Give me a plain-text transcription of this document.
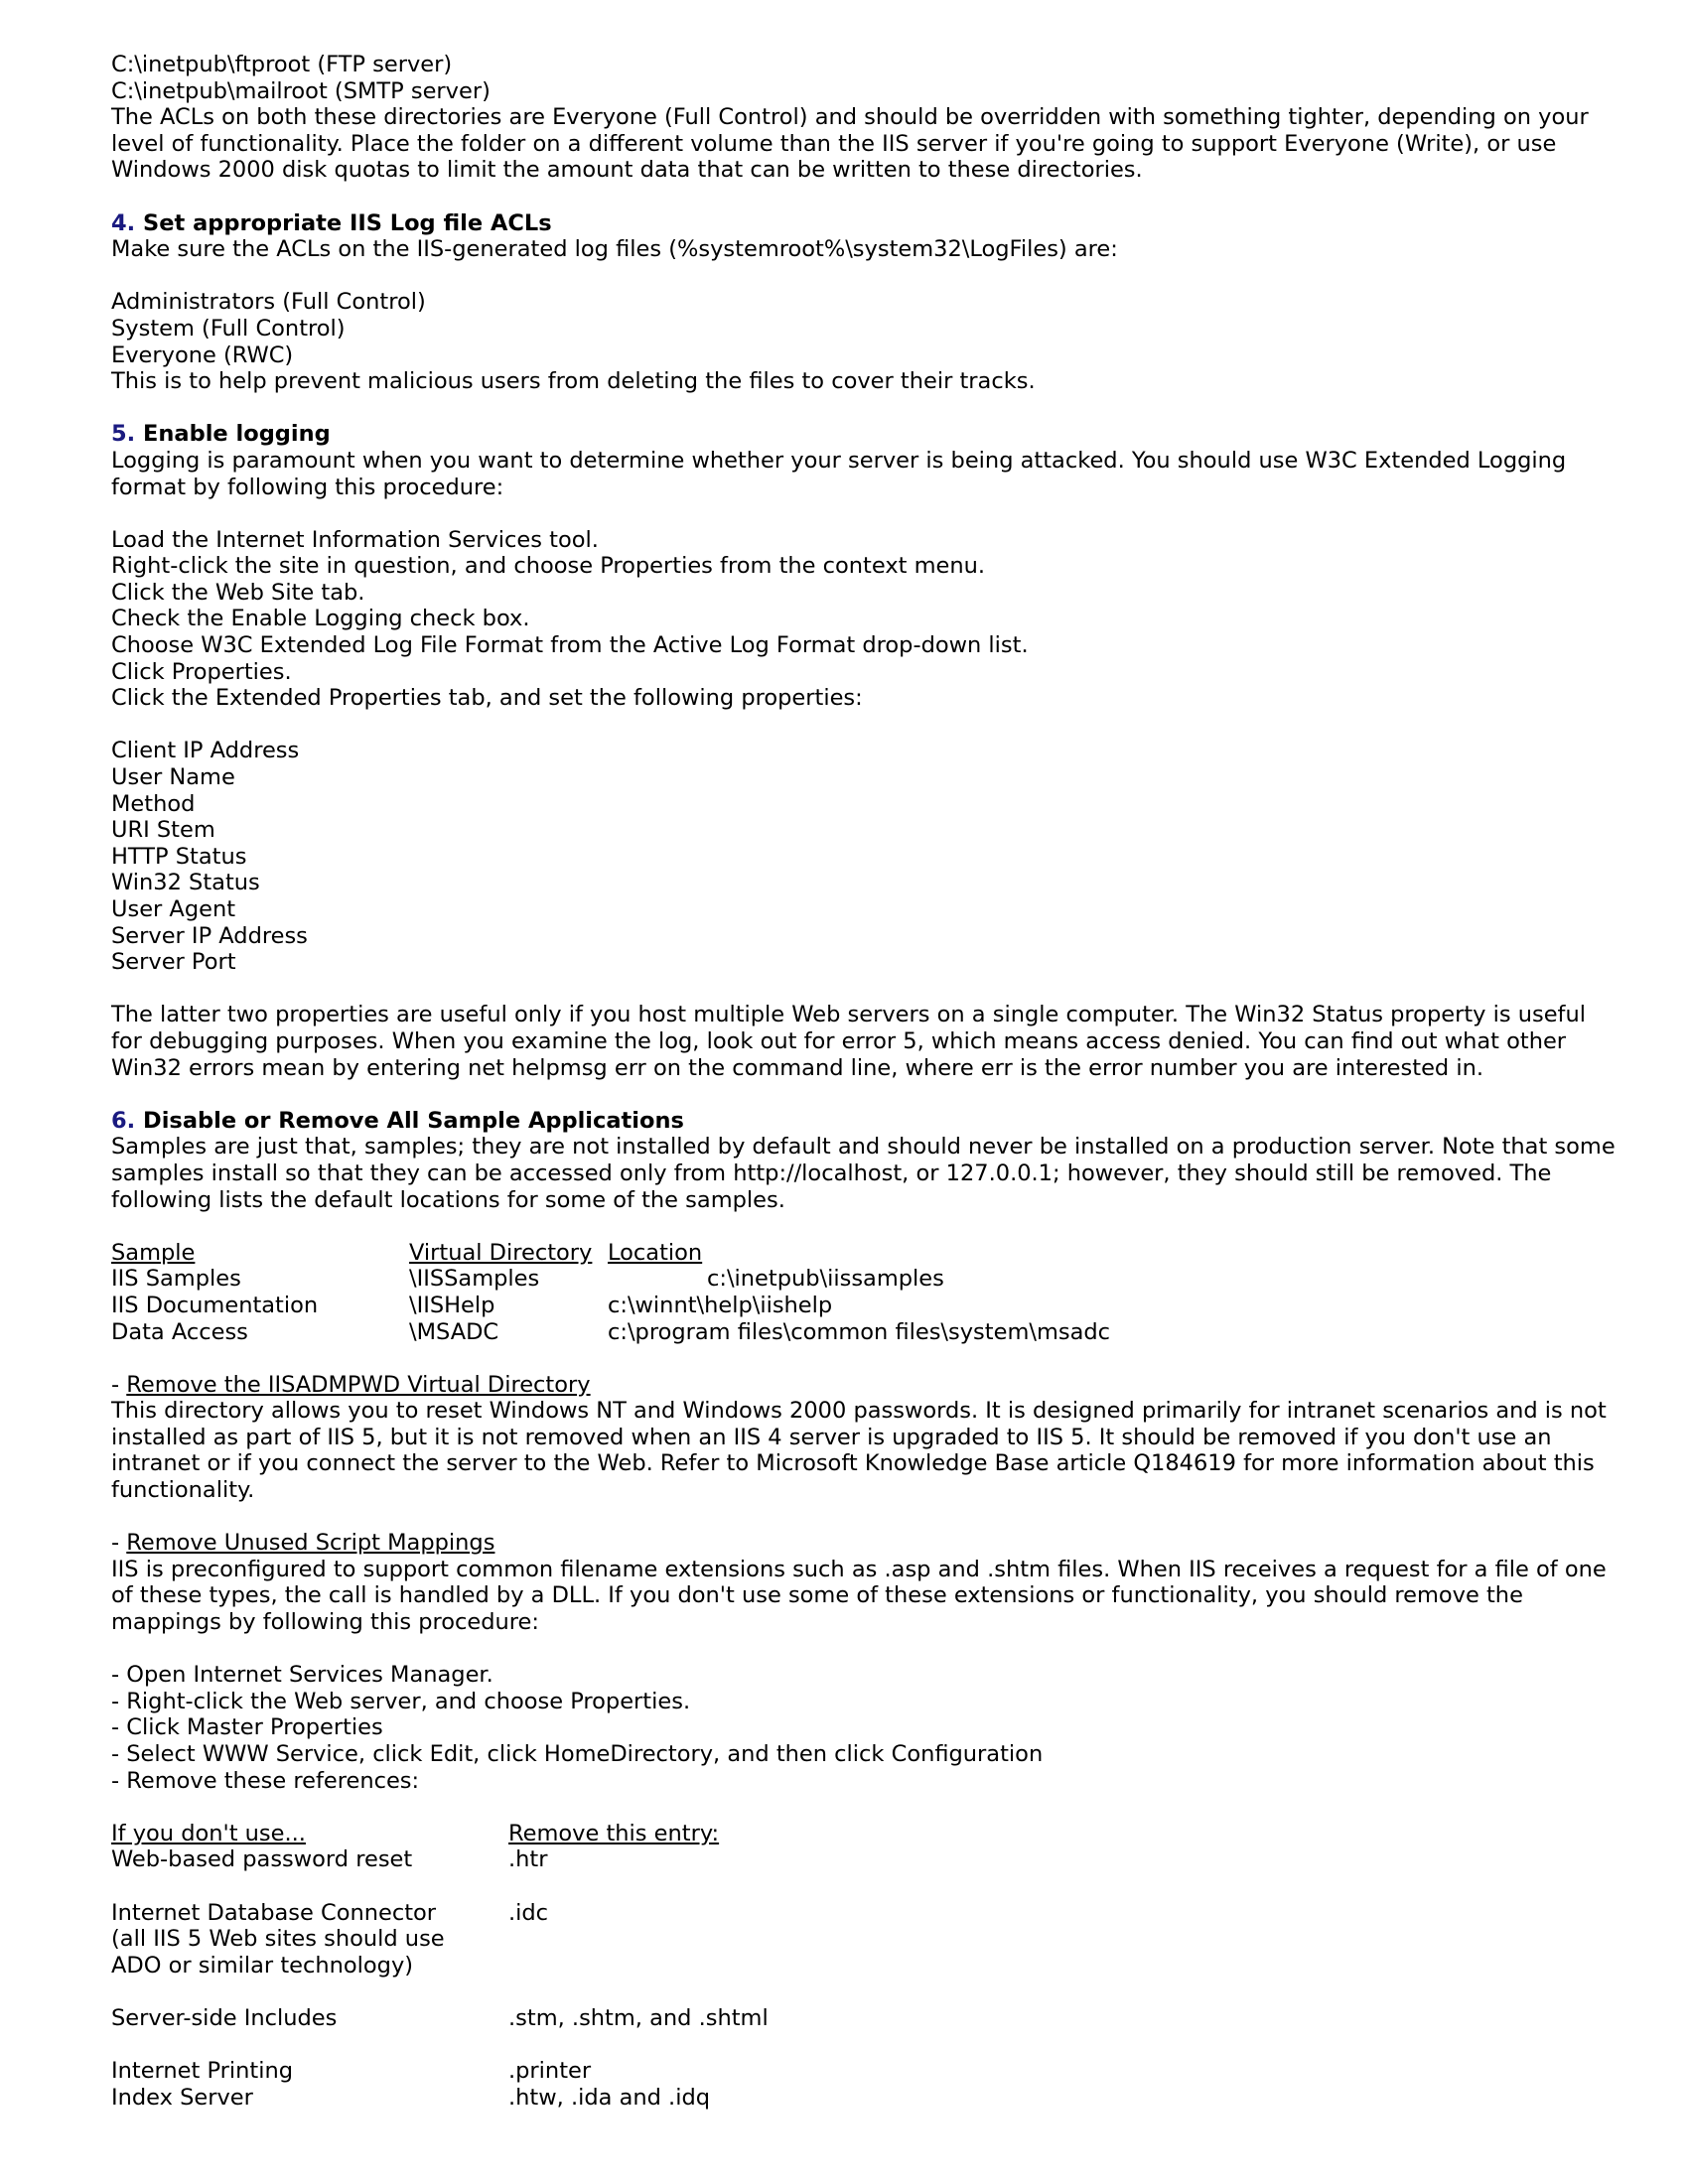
C:\inetpub\ftproot (FTP server)
C:\inetpub\mailroot (SMTP server)
The ACLs on both these directories are Everyone (Full Control) and should be overridden with something tighter, depending on your level of functionality. Place the folder on a different volume than the IIS server if you're going to support Everyone (Write), or use Windows 2000 disk quotas to limit the amount data that can be written to these directories.
4. Set appropriate IIS Log file ACLs
Make sure the ACLs on the IIS-generated log files (%systemroot%\system32\LogFiles) are:
Administrators (Full Control)
System (Full Control)
Everyone (RWC)
This is to help prevent malicious users from deleting the files to cover their tracks.
5. Enable logging
Logging is paramount when you want to determine whether your server is being attacked. You should use W3C Extended Logging format by following this procedure:
Load the Internet Information Services tool.
Right-click the site in question, and choose Properties from the context menu.
Click the Web Site tab.
Check the Enable Logging check box.
Choose W3C Extended Log File Format from the Active Log Format drop-down list.
Click Properties.
Click the Extended Properties tab, and set the following properties:
Client IP Address
User Name
Method
URI Stem
HTTP Status
Win32 Status
User Agent
Server IP Address
Server Port
The latter two properties are useful only if you host multiple Web servers on a single computer. The Win32 Status property is useful for debugging purposes. When you examine the log, look out for error 5, which means access denied. You can find out what other Win32 errors mean by entering net helpmsg err on the command line, where err is the error number you are interested in.
6. Disable or Remove All Sample Applications
Samples are just that, samples; they are not installed by default and should never be installed on a production server. Note that some samples install so that they can be accessed only from http://localhost, or 127.0.0.1; however, they should still be removed. The following lists the default locations for some of the samples.
Sample	Virtual Directory Location
IIS Samples	\IISSamples	c:\inetpub\iissamples
IIS Documentation	\IISHelp	c:\winnt\help\iishelp
Data Access	\MSADC	c:\program files\common files\system\msadc
- Remove the IISADMPWD Virtual Directory
This directory allows you to reset Windows NT and Windows 2000 passwords. It is designed primarily for intranet scenarios and is not installed as part of IIS 5, but it is not removed when an IIS 4 server is upgraded to IIS 5. It should be removed if you don't use an intranet or if you connect the server to the Web. Refer to Microsoft Knowledge Base article Q184619 for more information about this functionality.
- Remove Unused Script Mappings
IIS is preconfigured to support common filename extensions such as .asp and .shtm files. When IIS receives a request for a file of one of these types, the call is handled by a DLL. If you don't use some of these extensions or functionality, you should remove the mappings by following this procedure:
- Open Internet Services Manager.
- Right-click the Web server, and choose Properties.
- Click Master Properties
- Select WWW Service, click Edit, click HomeDirectory, and then click Configuration
- Remove these references:
If you don't use...	Remove this entry:
Web-based password reset	.htr
Internet Database Connector	.idc
(all IIS 5 Web sites should use
ADO or similar technology)
Server-side Includes	.stm, .shtm, and .shtml
Internet Printing	.printer
Index Server	.htw, .ida and .idq
